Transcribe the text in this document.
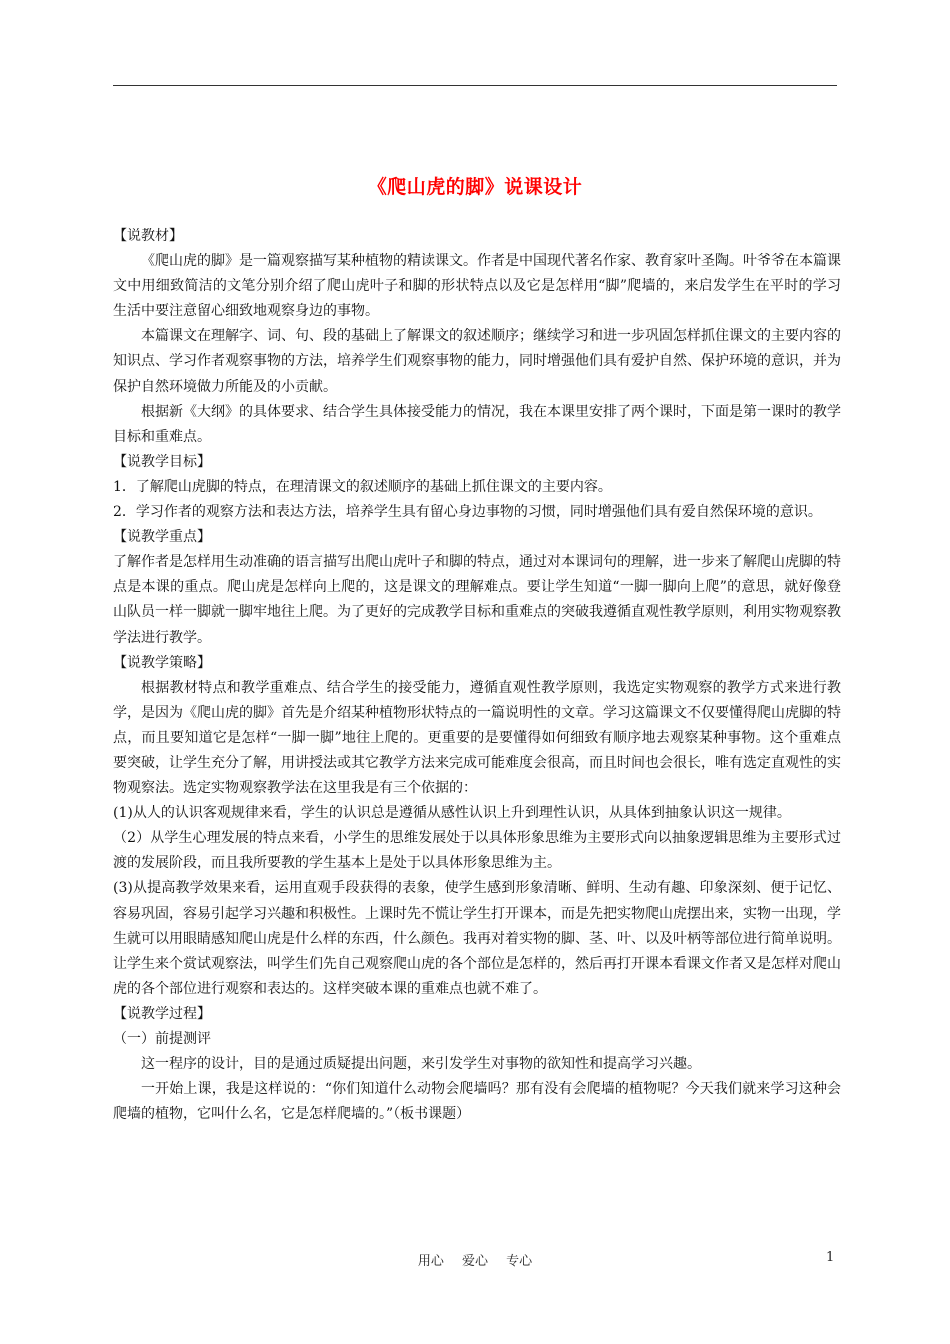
《爬山虎的脚》说课设计

【说教材】

《爬山虎的脚》是一篇观察描写某种植物的精读课文。作者是中国现代著名作家、教育家叶圣陶。叶爷爷在本篇课文中用细致简洁的文笔分别介绍了爬山虎叶子和脚的形状特点以及它是怎样用“脚”爬墙的，来启发学生在平时的学习生活中要注意留心细致地观察身边的事物。

本篇课文在理解字、词、句、段的基础上了解课文的叙述顺序；继续学习和进一步巩固怎样抓住课文的主要内容的知识点、学习作者观察事物的方法，培养学生们观察事物的能力，同时增强他们具有爱护自然、保护环境的意识，并为保护自然环境做力所能及的小贡献。

根据新《大纲》的具体要求、结合学生具体接受能力的情况，我在本课里安排了两个课时，下面是第一课时的教学目标和重难点。

【说教学目标】

1．了解爬山虎脚的特点，在理清课文的叙述顺序的基础上抓住课文的主要内容。

2．学习作者的观察方法和表达方法，培养学生具有留心身边事物的习惯，同时增强他们具有爱自然保环境的意识。

【说教学重点】

了解作者是怎样用生动准确的语言描写出爬山虎叶子和脚的特点，通过对本课词句的理解，进一步来了解爬山虎脚的特点是本课的重点。爬山虎是怎样向上爬的，这是课文的理解难点。要让学生知道“一脚一脚向上爬”的意思，就好像登山队员一样一脚就一脚牢地往上爬。为了更好的完成教学目标和重难点的突破我遵循直观性教学原则，利用实物观察教学法进行教学。

【说教学策略】

根据教材特点和教学重难点、结合学生的接受能力，遵循直观性教学原则，我选定实物观察的教学方式来进行教学，是因为《爬山虎的脚》首先是介绍某种植物形状特点的一篇说明性的文章。学习这篇课文不仅要懂得爬山虎脚的特点，而且要知道它是怎样“一脚一脚”地往上爬的。更重要的是要懂得如何细致有顺序地去观察某种事物。这个重难点要突破，让学生充分了解，用讲授法或其它教学方法来完成可能难度会很高，而且时间也会很长，唯有选定直观性的实物观察法。选定实物观察教学法在这里我是有三个依据的：

(1)从人的认识客观规律来看，学生的认识总是遵循从感性认识上升到理性认识，从具体到抽象认识这一规律。

（2）从学生心理发展的特点来看，小学生的思维发展处于以具体形象思维为主要形式向以抽象逻辑思维为主要形式过渡的发展阶段，而且我所要教的学生基本上是处于以具体形象思维为主。

(3)从提高教学效果来看，运用直观手段获得的表象，使学生感到形象清晰、鲜明、生动有趣、印象深刻、便于记忆、容易巩固，容易引起学习兴趣和积极性。上课时先不慌让学生打开课本，而是先把实物爬山虎摆出来，实物一出现，学生就可以用眼睛感知爬山虎是什么样的东西，什么颜色。我再对着实物的脚、茎、叶、以及叶柄等部位进行简单说明。让学生来个赏试观察法，叫学生们先自己观察爬山虎的各个部位是怎样的，然后再打开课本看课文作者又是怎样对爬山虎的各个部位进行观察和表达的。这样突破本课的重难点也就不难了。

【说教学过程】

（一）前提测评

这一程序的设计，目的是通过质疑提出问题，来引发学生对事物的欲知性和提高学习兴趣。

一开始上课，我是这样说的：“你们知道什么动物会爬墙吗？那有没有会爬墙的植物呢？今天我们就来学习这种会爬墙的植物，它叫什么名，它是怎样爬墙的。”（板书课题）

用心 爱心 专心	1
